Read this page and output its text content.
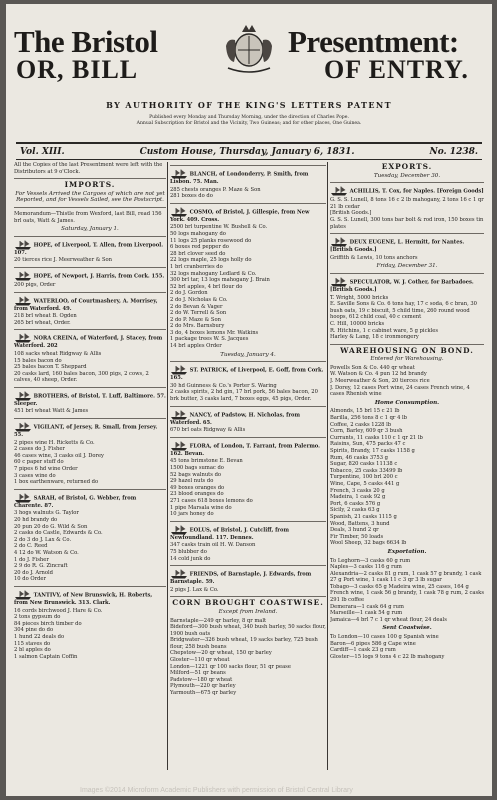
The Bristol	Presentment:
OR, BILL	OF ENTRY.
BY AUTHORITY OF THE KING'S LETTERS PATENT
Published every Monday and Thursday Morning, under the direction of Charles Pope.
Annual Subscription for Bristol and the Vicinity, Two Guineas; and for other places, One Guinea.
Vol. XIII.	Custom House, Thursday, January 6, 1831.	No. 1238.
All the Copies of the last Presentment were left with the Distributors at 9 o'Clock.
IMPORTS.
For Vessels Arrived the Cargoes of which are not yet Reported, and for Vessels Sailed, see the Postscript.
Memorandum—Thistle from Wexford, last Bill, read 156 brl oats, Watt & James.
Saturday, January 1.
HOPE, of Liverpool, T. Allen, from Liverpool. 107.
20 tierces rice J. Meerweather & Son
HOPE, of Newport, J. Harris, from Cork. 155.
200 pigs, Order
WATERLOO, of Courtmashery, A. Morrisey, from Waterford. 49.
218 brl wheat B. Ogden
265 brl wheat, Order.
NORA CREINA, of Waterford, J. Stacey, from Waterford. 202
108 sacks wheat Ridgway & Allis
15 bales bacon do
25 bales bacon T. Sheppard
20 casks lard, 160 bales bacon, 300 pigs, 2 cows, 2 calves, 40 sheep, Order.
BROTHERS, of Bristol, T. Luff, Baltimore. 57. Sleeper.
451 brl wheat Watt & James
VIGILANT, of Jersey, R. Small, from Jersey. 55.
2 pipes wine H. Ricketts & Co.
2 cases do J. Fisher
46 cases wine, 3 casks oil J. Dorey
60 c paper stuff do
7 pipes 6 hd wine Order
3 cases wine do
1 box earthenware, returned do
SARAH, of Bristol, G. Webber, from Charente. 87.
3 hogs walnuts G. Taylor
20 hd brandy do
20 pun 20 do G. Wild & Son
2 casks do Castle, Edwards & Co.
2 do 3 do J. Lax & Co.
2 do C. Reed
4 12 do W. Watson & Co.
1 do J. Fisher
2 9 do R. G. Zincraft
20 do J. Arnold
10 do Order
TANTIVY, of New Brunswick, H. Roberts, from New Brunswick. 313. Clark.
16 cords birchwood J. Hare & Co.
2 tons gypsum do
84 pieces birch timber do
304 pine do do
1 hund 22 deals do
115 staves do
2 bl apples do
1 salmon Captain Coffin
BLANCH, of Londonderry, P. Smith, from Lisbon. 75. Man.
285 chests oranges P. Maze & Son
281 boxes do do
COSMO, of Bristol, J. Gillespie, from New York. 409. Cross.
2500 brl turpentine W. Bushell & Co.
50 logs mahogany do
11 logs 25 planks rosewood do
6 boxes red pepper do
28 brl clover seed do
22 logs maple, 25 logs holly do
1 brl cranberries do
32 logs mahogany Ledlard & Co.
300 brl tar, 13 logs mahogany J. Brain
52 brl apples, 4 brl flour do
2 do J. Gordon
2 do J. Nicholas & Co.
2 do Bevan & Vager
2 do W. Terrell & Son
2 do P. Maze & Son
2 do Mrs. Barnsbury
3 do, 4 boxes lemons Mr. Watkins
1 package trees W. S. Jacques
14 brl apples Order
Tuesday, January 4.
ST. PATRICK, of Liverpool, E. Goff, from Cork. 165.
30 hd Guinness & Co.'s Porter S. Waring
2 casks spirits, 2 hd gin, 17 brl pork, 56 bales bacon, 20 brk butter, 3 casks lard, 7 boxes eggs, 45 pigs, Order.
NANCY, of Padstow, H. Nicholas, from Waterford. 65.
670 brl oats Ridgway & Allis
FLORA, of London, T. Farrant, from Palermo. 162. Bevan.
45 tons brimstone E. Bevan
1500 bags sumac do
52 bags walnuts do
29 hazel nuts do
49 boxes oranges do
23 blood oranges do
271 cases 618 boxes lemons do
1 pipe Marsala wine do
10 jars honey do
EOLUS, of Bristol, J. Cutcliff, from Newfoundland. 117. Dennes.
347 casks train oil H. W. Danson
75 blubber do
14 cold junk do
FRIENDS, of Barnstaple, J. Edwards, from Barnstaple. 59.
2 pigs J. Lax & Co.
CORN BROUGHT COASTWISE.
Except from Ireland.
Barnstaple—249 qr barley, 8 qr malt
Bideford—300 bush wheat, 340 bush barley, 50 sacks flour, 1900 bush oats
Bridgwater—326 bush wheat, 19 sacks barley, 725 bush flour, 258 bush beans
Chepstow—20 qr wheat, 150 qr barley
Gloster—110 qr wheat
London—1221 qr 100 sacks flour, 51 qr pease
Milford—51 qr beans
Padstow—180 qr wheat
Plymouth—220 qr barley
Yarmouth—675 qr barley
EXPORTS.
Tuesday, December 30.
ACHILLIS, T. Cox, for Naples. [Foreign Goods]
G. S. S. Lunell, 8 tons 16 c 2 lb mahogany, 2 tons 16 c 1 qr 21 lb cedar
[British Goods.]
G. S. S. Lunell, 300 tons bar bolt & rod iron, 150 boxes tin plates
DEUX EUGENE, L. Hermitt, for Nantes. [British Goods.]
Griffith & Lewis, 10 tons anchors
Friday, December 31.
SPECULATOR, W. J. Cother, for Barbadoes. [British Goods.]
T. Wright, 5000 bricks
E. Saville Sons & Co. 6 tons hay, 17 c soda, 6 c bran, 30 bush oats, 19 c biscuit, 5 child time, 260 round wood hoops, 612 child coal, 40 c cement
C. Hill, 10000 bricks
R. Hitchins, 1 c cabinet ware, 5 g pickles
Harley & Lang, 18 c ironmongery
WAREHOUSING ON BOND.
Entered for Warehousing.
Powells Son & Co. 440 qr wheat
W. Watson & Co. 4 pun 12 hd brandy
J. Meerweather & Son, 20 tierces rice
J. Dorey, 12 cases Port wine, 24 cases French wine, 4 cases Rhenish wine
Home Consumption.
Almonds, 15 brl 15 c 21 lb
Barilla, 256 tons 8 c 1 qr 4 lb
Coffee, 2 casks 1228 lb
Corn, Barley, 609 qr 3 bush
Currants, 11 casks 110 c 1 qr 21 lb
Raisins, Sun, 475 packs 47 c
Spirits, Brandy, 17 casks 1158 g
Rum, 46 casks 3753 g
Sugar, 820 casks 11138 c
Tobacco, 25 casks 33499 lb
Turpentine, 100 brl 200 c
Wine, Cape, 5 casks 441 g
French, 3 casks 20 g
Madeira, 1 cask 92 g
Port, 6 casks 576 g
Sicily, 2 casks 63 g
Spanish, 21 casks 1115 g
Wood, Battens, 3 hund
Deals, 3 hund 2 qr
Fir Timber, 50 loads
Wool Sheep, 32 bags 6634 lb
Exportation.
To Leghorn—3 casks 60 g rum
Naples—3 casks 116 g rum
Alexandria—2 casks 81 g rum, 1 cask 57 g brandy, 1 cask 27 g Port wine, 1 cask 11 c 3 qr 3 lb sugar
Tobago—3 casks 65 g Madeira wine, 25 cases, 164 g French wine, 1 cask 56 g brandy, 1 cask 78 g rum, 2 casks 291 lb coffee
Demerara—1 cask 64 g rum
Marseille—1 cask 54 g rum
Jamaica—4 brl 7 c 1 qr wheat flour, 24 deals
Sent Coastwise.
To London—10 cases 100 g Spanish wine
Baron—6 pipes 586 g Cape wine
Cardiff—1 cask 23 g rum
Gloster—15 logs 9 tons 4 c 22 lb mahogany
Images ©2014 Microform Academic Publishers with permission of Bristol Central Library
